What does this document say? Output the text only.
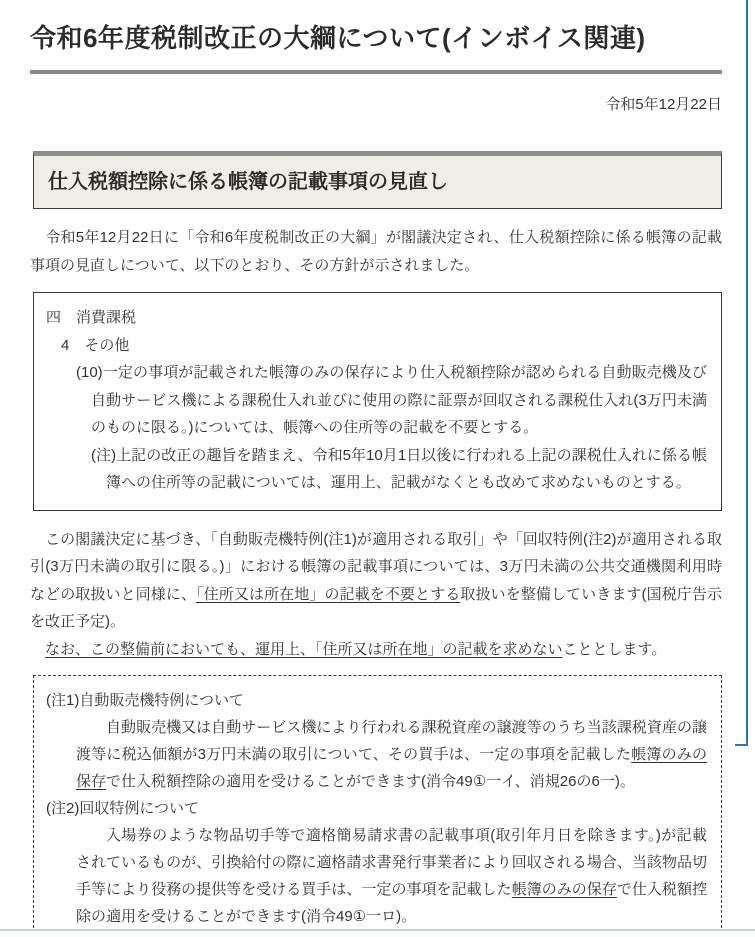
令和6年度税制改正の大綱について(インボイス関連)
令和5年12月22日
仕入税額控除に係る帳簿の記載事項の見直し

　令和5年12月22日に「令和6年度税制改正の大綱」が閣議決定され、仕入税額控除に係る帳簿の記載事項の見直しについて、以下のとおり、その方針が示されました。

四　消費課税
4　その他
(10)一定の事項が記載された帳簿のみの保存により仕入税額控除が認められる自動販売機及び自動サービス機による課税仕入れ並びに使用の際に証票が回収される課税仕入れ(3万円未満のものに限る。)については、帳簿への住所等の記載を不要とする。
(注)上記の改正の趣旨を踏まえ、令和5年10月1日以後に行われる上記の課税仕入れに係る帳簿への住所等の記載については、運用上、記載がなくとも改めて求めないものとする。

　この閣議決定に基づき、「自動販売機特例(注1)が適用される取引」や「回収特例(注2)が適用される取引(3万円未満の取引に限る。)」における帳簿の記載事項については、3万円未満の公共交通機関利用時などの取扱いと同様に、「住所又は所在地」の記載を不要とする取扱いを整備していきます(国税庁告示を改正予定)。

　なお、この整備前においても、運用上、「住所又は所在地」の記載を求めないこととします。

(注1)自動販売機特例について
自動販売機又は自動サービス機により行われる課税資産の譲渡等のうち当該課税資産の譲渡等に税込価額が3万円未満の取引について、その買手は、一定の事項を記載した帳簿のみの保存で仕入税額控除の適用を受けることができます(消令49①一イ、消規26の6一)。
(注2)回収特例について
入場券のような物品切手等で適格簡易請求書の記載事項(取引年月日を除きます。)が記載されているものが、引換給付の際に適格請求書発行事業者により回収される場合、当該物品切手等により役務の提供等を受ける買手は、一定の事項を記載した帳簿のみの保存で仕入税額控除の適用を受けることができます(消令49①一ロ)。
